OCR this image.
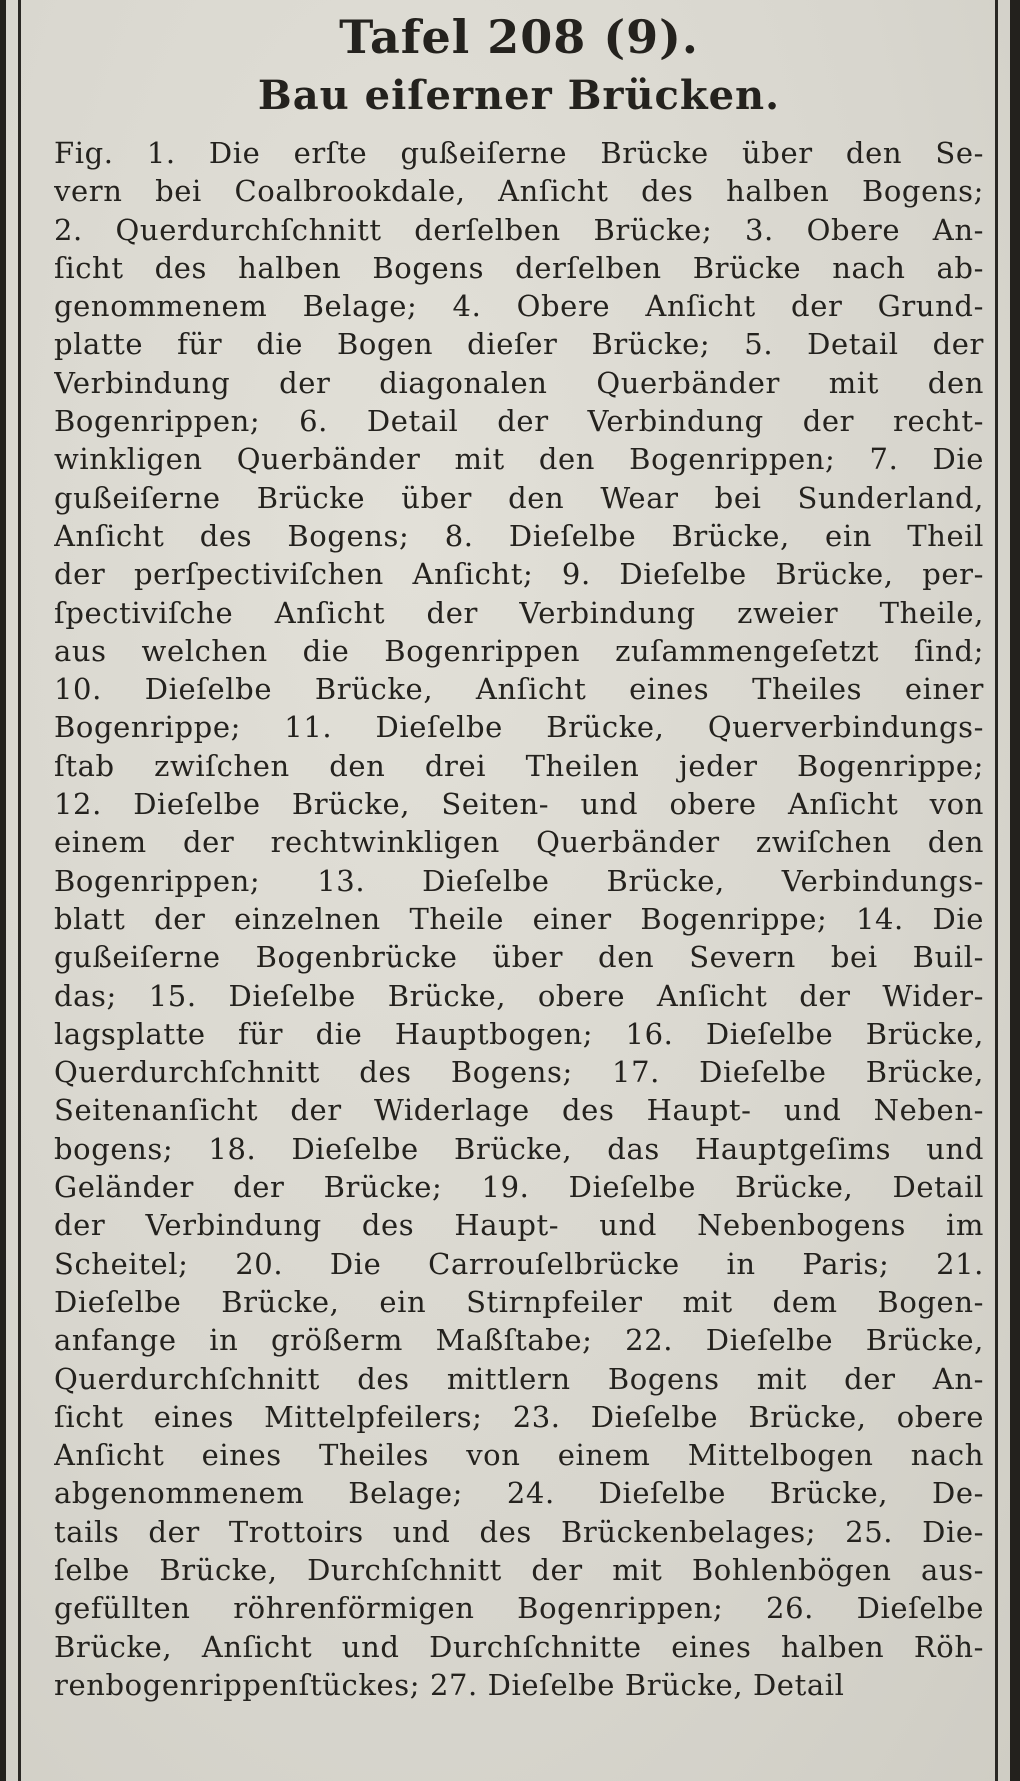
Tafel 208 (9).
Bau eiſerner Brücken.
Fig. 1. Die erſte gußeiſerne Brücke über den Se-
vern bei Coalbrookdale, Anſicht des halben Bogens;
2. Querdurchſchnitt derſelben Brücke; 3. Obere An-
ſicht des halben Bogens derſelben Brücke nach ab-
genommenem Belage; 4. Obere Anſicht der Grund-
platte für die Bogen dieſer Brücke; 5. Detail der
Verbindung der diagonalen Querbänder mit den
Bogenrippen; 6. Detail der Verbindung der recht-
winkligen Querbänder mit den Bogenrippen; 7. Die
gußeiſerne Brücke über den Wear bei Sunderland,
Anſicht des Bogens; 8. Dieſelbe Brücke, ein Theil
der perſpectiviſchen Anſicht; 9. Dieſelbe Brücke, per-
ſpectiviſche Anſicht der Verbindung zweier Theile,
aus welchen die Bogenrippen zuſammengeſetzt ſind;
10. Dieſelbe Brücke, Anſicht eines Theiles einer
Bogenrippe; 11. Dieſelbe Brücke, Querverbindungs-
ſtab zwiſchen den drei Theilen jeder Bogenrippe;
12. Dieſelbe Brücke, Seiten- und obere Anſicht von
einem der rechtwinkligen Querbänder zwiſchen den
Bogenrippen; 13. Dieſelbe Brücke, Verbindungs-
blatt der einzelnen Theile einer Bogenrippe; 14. Die
gußeiſerne Bogenbrücke über den Severn bei Buil-
das; 15. Dieſelbe Brücke, obere Anſicht der Wider-
lagsplatte für die Hauptbogen; 16. Dieſelbe Brücke,
Querdurchſchnitt des Bogens; 17. Dieſelbe Brücke,
Seitenanſicht der Widerlage des Haupt- und Neben-
bogens; 18. Dieſelbe Brücke, das Hauptgeſims und
Geländer der Brücke; 19. Dieſelbe Brücke, Detail
der Verbindung des Haupt- und Nebenbogens im
Scheitel; 20. Die Carrouſelbrücke in Paris; 21.
Dieſelbe Brücke, ein Stirnpfeiler mit dem Bogen-
anfange in größerm Maßſtabe; 22. Dieſelbe Brücke,
Querdurchſchnitt des mittlern Bogens mit der An-
ſicht eines Mittelpfeilers; 23. Dieſelbe Brücke, obere
Anſicht eines Theiles von einem Mittelbogen nach
abgenommenem Belage; 24. Dieſelbe Brücke, De-
tails der Trottoirs und des Brückenbelages; 25. Die-
ſelbe Brücke, Durchſchnitt der mit Bohlenbögen aus-
gefüllten röhrenförmigen Bogenrippen; 26. Dieſelbe
Brücke, Anſicht und Durchſchnitte eines halben Röh-
renbogenrippenſtückes; 27. Dieſelbe Brücke, Detail
